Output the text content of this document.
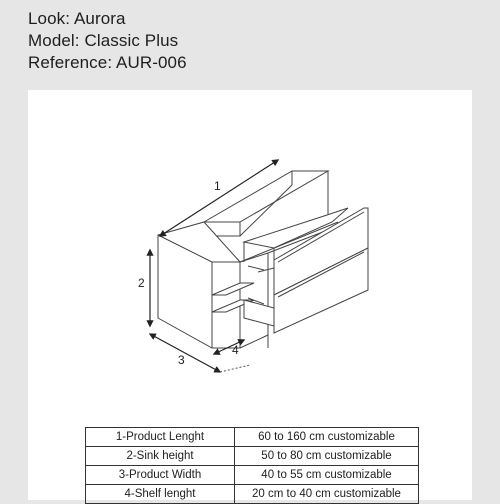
Look: Aurora
Model: Classic Plus
Reference: AUR-006
1
2
3
4
1-Product Lenght	60 to 160 cm customizable
2-Sink height	50 to 80 cm customizable
3-Product Width	40 to 55 cm customizable
4-Shelf lenght	20 cm to 40 cm customizable
